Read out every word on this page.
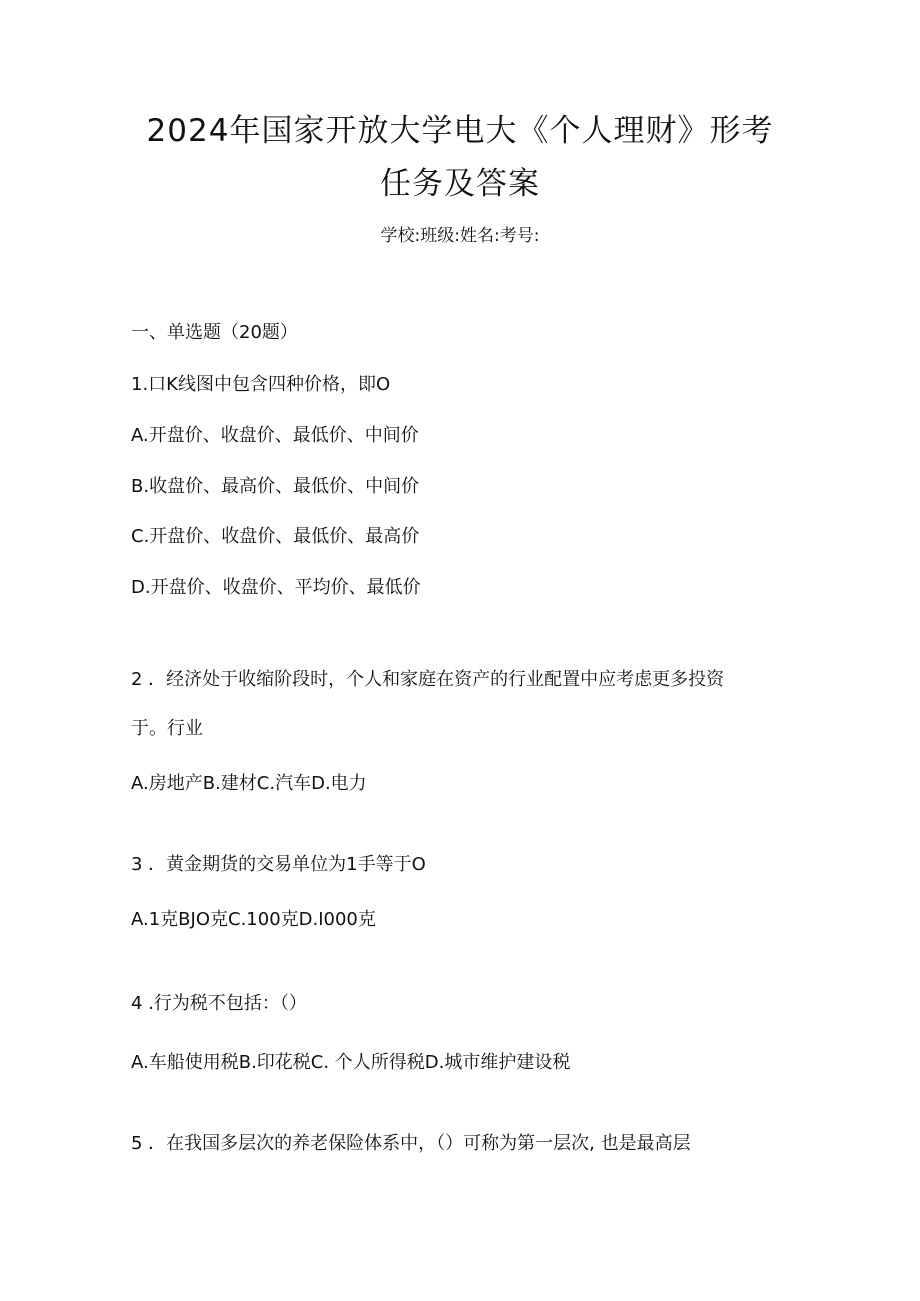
2024年国家开放大学电大《个人理财》形考
任务及答案
学校:班级:姓名:考号:
一、单选题（20题）
1.口K线图中包含四种价格，即O
A.开盘价、收盘价、最低价、中间价
B.收盘价、最高价、最低价、中间价
C.开盘价、收盘价、最低价、最高价
D.开盘价、收盘价、平均价、最低价
2 ．经济处于收缩阶段时，个人和家庭在资产的行业配置中应考虑更多投资
于。行业
A.房地产B.建材C.汽车D.电力
3 ．黄金期货的交易单位为1手等于O
A.1克BJO克C.100克D.I000克
4 .行为税不包括：（）
A.车船使用税B.印花税C. 个人所得税D.城市维护建设税
5 ．在我国多层次的养老保险体系中，（）可称为第一层次, 也是最高层
